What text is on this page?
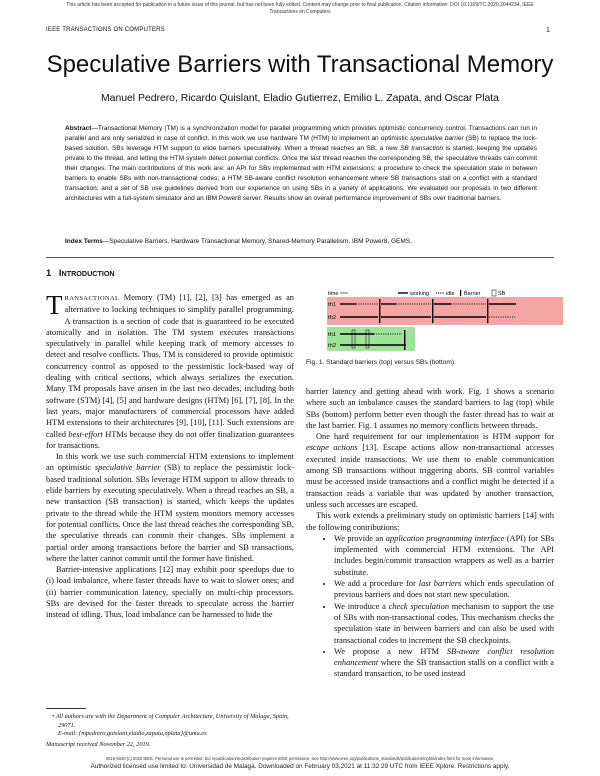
This article has been accepted for publication in a future issue of this journal, but has not been fully edited. Content may change prior to final publication. Citation information: DOI 10.1109/TC.2020.3044234, IEEE
Transactions on Computers
IEEE TRANSACTIONS ON COMPUTERS	1
Speculative Barriers with Transactional Memory
Manuel Pedrero, Ricardo Quislant, Eladio Gutierrez, Emilio L. Zapata, and Oscar Plata
Abstract—Transactional Memory (TM) is a synchronization model for parallel programming which provides optimistic concurrency control. Transactions can run in parallel and are only serialized in case of conflict. In this work we use hardware TM (HTM) to implement an optimistic speculative barrier (SB) to replace the lock-based solution. SBs leverage HTM support to elide barriers speculatively. When a thread reaches an SB, a new SB transaction is started, keeping the updates private to the thread, and letting the HTM system detect potential conflicts. Once the last thread reaches the corresponding SB, the speculative threads can commit their changes. The main contributions of this work are: an API for SBs implemented with HTM extensions; a procedure to check the speculation state in between barriers to enable SBs with non-transactional codes; a HTM SB-aware conflict resolution enhancement where SB transactions stall on a conflict with a standard transaction; and a set of SB use guidelines derived from our experience on using SBs in a variety of applications. We evaluated our proposals in two different architectures with a full-system simulator and an IBM Power8 server. Results show an overall performance improvement of SBs over traditional barriers.
Index Terms—Speculative Barriers, Hardware Transactional Memory, Shared-Memory Parallelism, IBM Power8, GEMS.
1 INTRODUCTION

TRANSACTIONAL Memory (TM) [1], [2], [3] has emerged as an alternative to locking techniques to simplify parallel programming. A transaction is a section of code that is guaranteed to be executed atomically and in isolation. The TM system executes transactions speculatively in parallel while keeping track of memory accesses to detect and resolve conflicts. Thus, TM is considered to provide optimistic concurrency control as opposed to the pessimistic lock-based way of dealing with critical sections, which always serializes the execution. Many TM proposals have arisen in the last two decades, including both software (STM) [4], [5] and hardware designs (HTM) [6], [7], [8]. In the last years, major manufacturers of commercial processors have added HTM extensions to their architectures [9], [10], [11]. Such extensions are called best-effort HTMs because they do not offer finalization guarantees for transactions.

In this work we use such commercial HTM extensions to implement an optimistic speculative barrier (SB) to replace the pessimistic lock-based traditional solution. SBs leverage HTM support to allow threads to elide barriers by executing speculatively. When a thread reaches an SB, a new transaction (SB transaction) is started, which keeps the updates private to the thread while the HTM system monitors memory accesses for potential conflicts. Once the last thread reaches the corresponding SB, the speculative threads can commit their changes. SBs implement a partial order among transactions before the barrier and SB transactions, where the latter cannot commit until the former have finished.

Barrier-intensive applications [12] may exhibit poor speedups due to (i) load imbalance, where faster threads have to wait to slower ones; and (ii) barrier communication latency, specially on multi-chip processors. SBs are devised for the faster threads to speculate across the barrier instead of idling. Thus, load imbalance can be harnessed to hide the

time	working	idle Barrier	SB
th1
th2
th1
th2
Fig. 1. Standard barriers (top) versus SBs (bottom).

barrier latency and getting ahead with work. Fig. 1 shows a scenario where such an imbalance causes the standard barriers to lag (top) while SBs (bottom) perform better even though the faster thread has to wait at the last barrier. Fig. 1 assumes no memory conflicts between threads.

One hard requirement for our implementation is HTM support for escape actions [13]. Escape actions allow non-transactional accesses executed inside transactions. We use them to enable communication among SB transactions without triggering aborts. SB control variables must be accessed inside transactions and a conflict might be detected if a transaction reads a variable that was updated by another transaction, unless such accesses are escaped.

This work extends a preliminary study on optimistic barriers [14] with the following contributions:

• We provide an application programming interface (API) for SBs implemented with commercial HTM extensions. The API includes begin/commit transaction wrappers as well as a barrier substitute.
• We add a procedure for last barriers which ends speculation of previous barriers and does not start new speculation.
• We introduce a check speculation mechanism to support the use of SBs with non-transactional codes. This mechanism checks the speculation state in between barriers and can also be used with transactional codes to increment the SB checkpoints.
• We propose a new HTM SB-aware conflict resolution enhancement where the SB transaction stalls on a conflict with a standard transaction, to be used instead
• All authors are with the Department of Computer Architecture, University of Malaga, Spain, 29071.
E-mail: {mpedrero,quislant,eladio,zapata,oplata}@uma.es
Manuscript received November 22, 2019.
0018-9340 (c) 2020 IEEE. Personal use is permitted, but republication/redistribution requires IEEE permission. See http://www.ieee.org/publications_standards/publications/rights/index.html for more information.
Authorized licensed use limited to: Universidad de Malaga. Downloaded on February 03,2021 at 11:32:29 UTC from IEEE Xplore. Restrictions apply.
